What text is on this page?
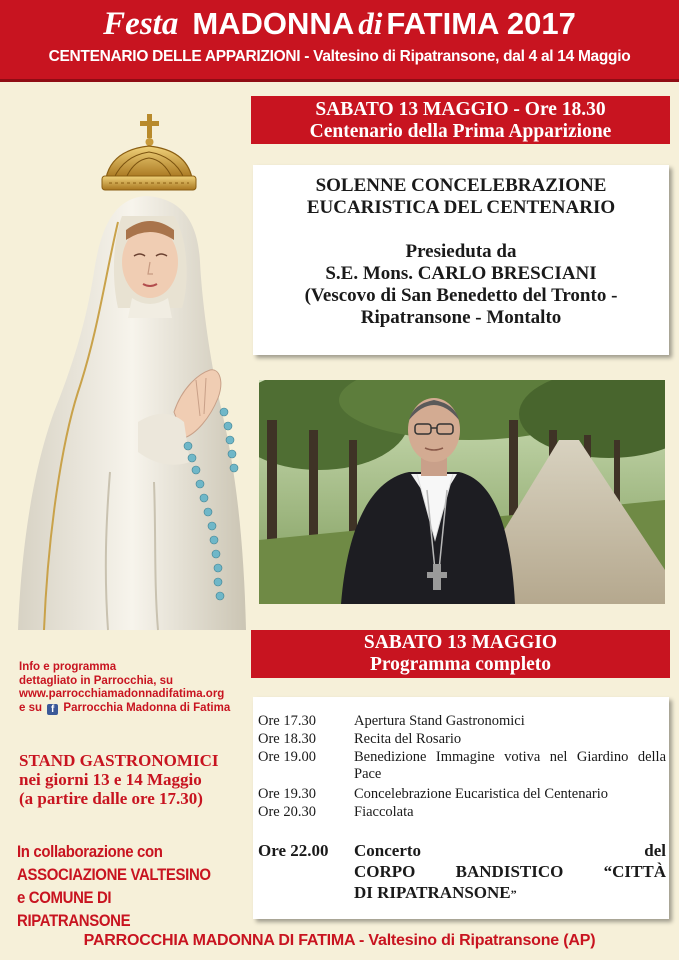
Festa MADONNA di FATIMA 2017
CENTENARIO DELLE APPARIZIONI - Valtesino di Ripatransone, dal 4 al 14 Maggio
SABATO 13 MAGGIO - Ore 18.30
Centenario della Prima Apparizione
SOLENNE CONCELEBRAZIONE
EUCARISTICA DEL CENTENARIO
Presieduta da
S.E. Mons. CARLO BRESCIANI
(Vescovo di San Benedetto del Tronto -
Ripatransone - Montalto
SABATO 13 MAGGIO
Programma completo
Info e programma
dettagliato in Parrocchia, su
www.parrocchiamadonnadifatima.org
e su f Parrocchia Madonna di Fatima
STAND GASTRONOMICI
nei giorni 13 e 14 Maggio
(a partire dalle ore 17.30)
In collaborazione con
ASSOCIAZIONE VALTESINO
e COMUNE DI RIPATRANSONE
Ore 17.30	Apertura Stand Gastronomici
Ore 18.30	Recita del Rosario
Ore 19.00	Benedizione Immagine votiva nel Giardino della Pace
Ore 19.30	Concelebrazione Eucaristica del Centenario
Ore 20.30	Fiaccolata
Ore 22.00	Concerto del
CORPO BANDISTICO “CITTÀ
DI RIPATRANSONE”
PARROCCHIA MADONNA DI FATIMA - Valtesino di Ripatransone (AP)
